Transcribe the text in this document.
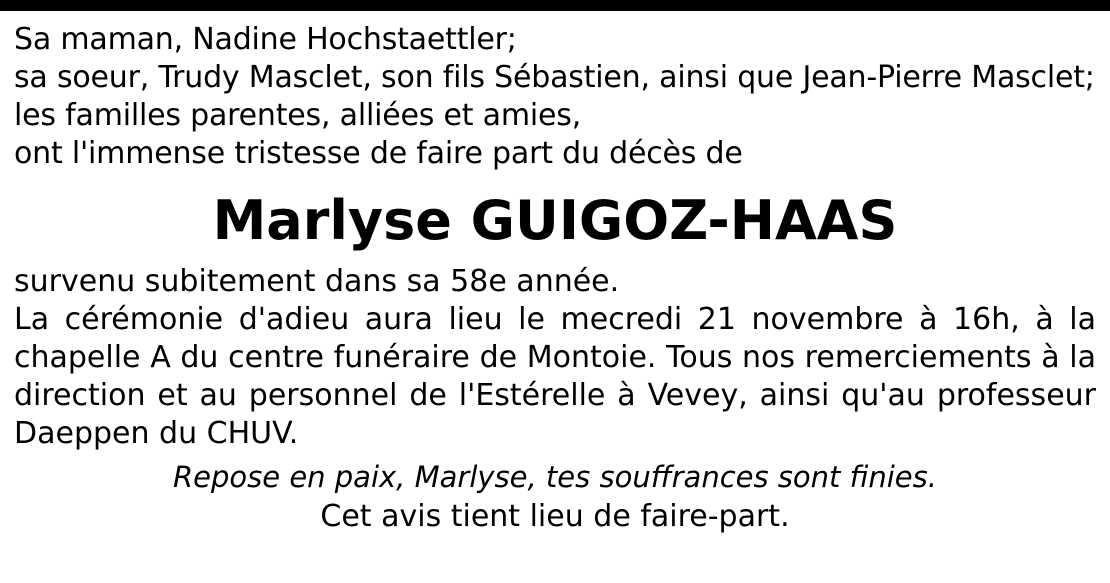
Sa maman, Nadine Hochstaettler;
sa soeur, Trudy Masclet, son fils Sébastien, ainsi que Jean-Pierre Masclet;
les familles parentes, alliées et amies,
ont l'immense tristesse de faire part du décès de
Marlyse GUIGOZ-HAAS
survenu subitement dans sa 58e année.
La cérémonie d'adieu aura lieu le mecredi 21 novembre à 16h, à la chapelle A du centre funéraire de Montoie. Tous nos remerciements à la direction et au personnel de l'Estérelle à Vevey, ainsi qu'au professeur Daeppen du CHUV.
Repose en paix, Marlyse, tes souffrances sont finies.
Cet avis tient lieu de faire-part.
